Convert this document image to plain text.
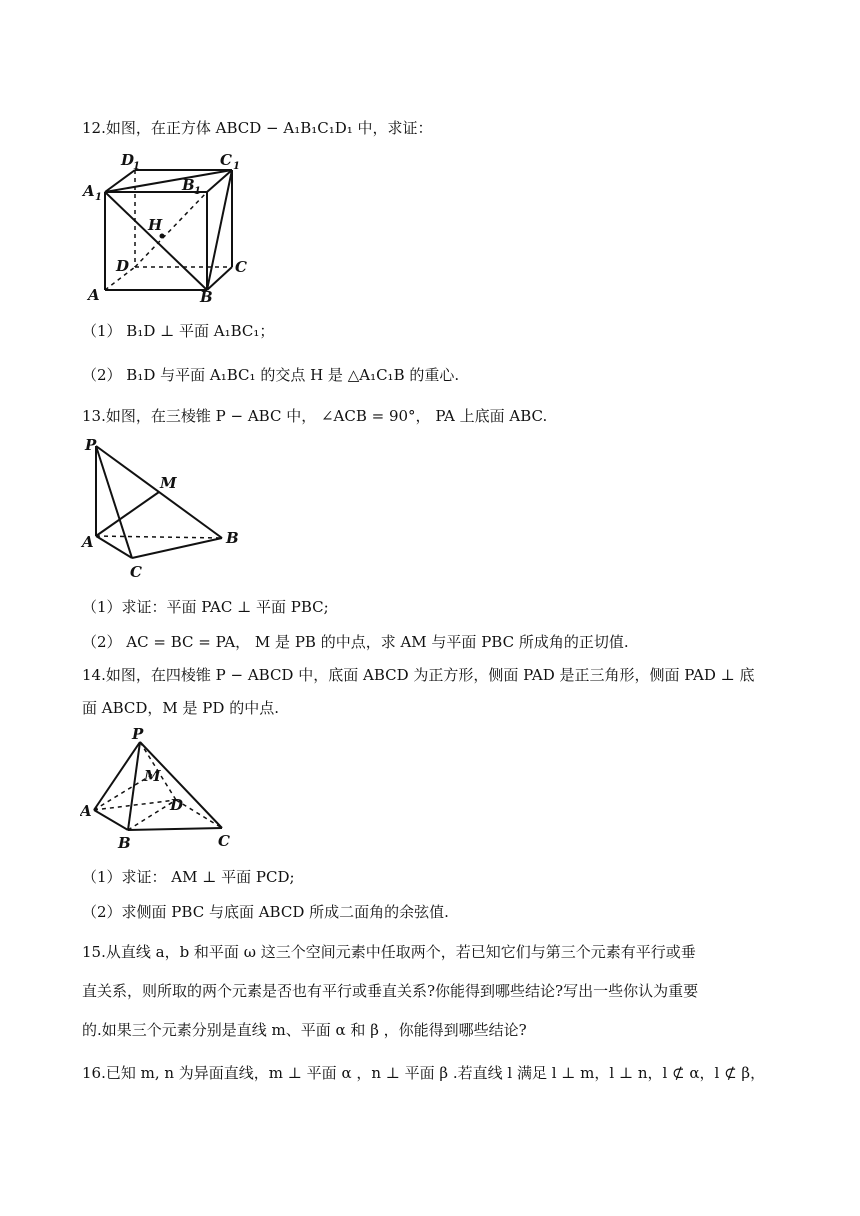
12.如图，在正方体 ABCD − A₁B₁C₁D₁ 中，求证：
D
1	C 1
A 1
B 1
H
D	C
A	B
（1） B₁D ⊥ 平面 A₁BC₁；
（2） B₁D 与平面 A₁BC₁ 的交点 H 是 △A₁C₁B 的重心.
13.如图，在三棱锥 P − ABC 中， ∠ACB = 90°， PA 上底面 ABC.
P
M
A	B
C
（1）求证：平面 PAC ⊥ 平面 PBC;
（2） AC = BC = PA， M 是 PB 的中点，求 AM 与平面 PBC 所成角的正切值.
14.如图，在四棱锥 P − ABCD 中，底面 ABCD 为正方形，侧面 PAD 是正三角形，侧面 PAD ⊥ 底
面 ABCD，M 是 PD 的中点.
P
M
A	D
B	C
（1）求证： AM ⊥ 平面 PCD;
（2）求侧面 PBC 与底面 ABCD 所成二面角的余弦值.
15.从直线 a，b 和平面 ω 这三个空间元素中任取两个，若已知它们与第三个元素有平行或垂
直关系，则所取的两个元素是否也有平行或垂直关系?你能得到哪些结论?写出一些你认为重要
的.如果三个元素分别是直线 m、平面 α 和 β ，你能得到哪些结论?
16.已知 m, n 为异面直线，m ⊥ 平面 α ，n ⊥ 平面 β .若直线 l 满足 l ⊥ m，l ⊥ n，l ⊄ α，l ⊄ β，
